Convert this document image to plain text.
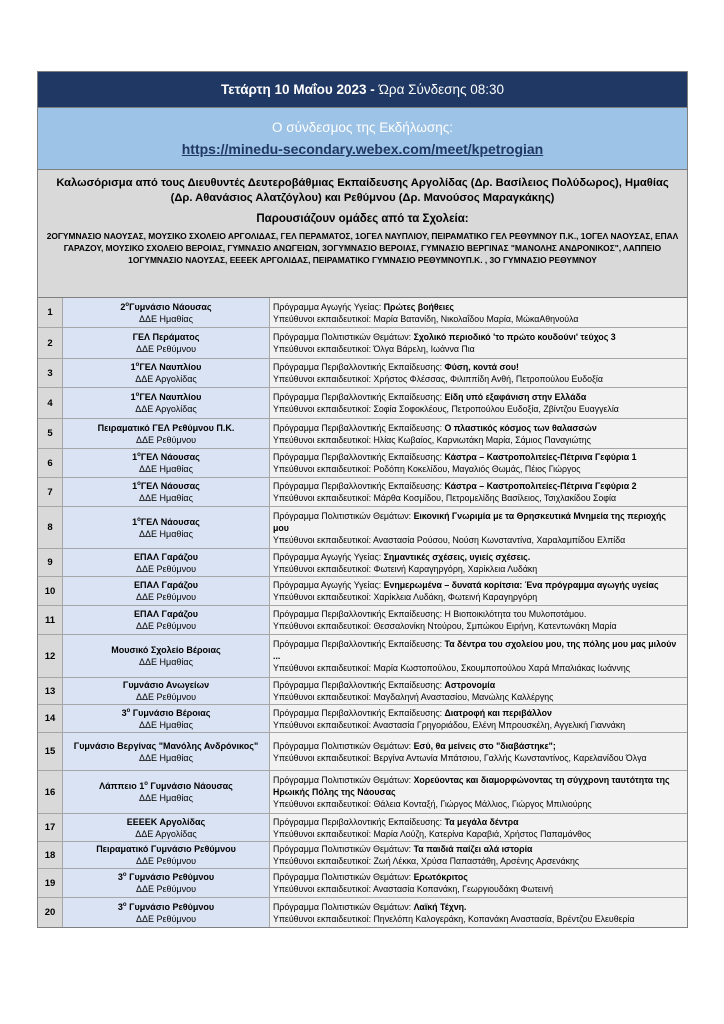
Τετάρτη 10 Μαΐου 2023 - Ώρα Σύνδεσης 08:30
Ο σύνδεσμος της Εκδήλωσης:
https://minedu-secondary.webex.com/meet/kpetrogian
Καλωσόρισμα από τους Διευθυντές Δευτεροβάθμιας Εκπαίδευσης Αργολίδας (Δρ. Βασίλειος Πολύδωρος), Ημαθίας (Δρ. Αθανάσιος Αλατζόγλου) και Ρεθύμνου (Δρ. Μανούσος Μαραγκάκης)
Παρουσιάζουν ομάδες από τα Σχολεία:
2ΟΓΥΜΝΑΣΙΟ ΝΑΟΥΣΑΣ, ΜΟΥΣΙΚΟ ΣΧΟΛΕΙΟ ΑΡΓΟΛΙΔΑΣ, ΓΕΛ ΠΕΡΑΜΑΤΟΣ, 1ΟΓΕΛ ΝΑΥΠΛΙΟΥ, ΠΕΙΡΑΜΑΤΙΚΟ ΓΕΛ ΡΕΘΥΜΝΟΥ Π.Κ., 1ΟΓΕΛ ΝΑΟΥΣΑΣ, ΕΠΑΛ ΓΑΡΑΖΟΥ, ΜΟΥΣΙΚΟ ΣΧΟΛΕΙΟ ΒΕΡΟΙΑΣ, ΓΥΜΝΑΣΙΟ ΑΝΩΓΕΙΩΝ, 3ΟΓΥΜΝΑΣΙΟ ΒΕΡΟΙΑΣ, ΓΥΜΝΑΣΙΟ ΒΕΡΓΙΝΑΣ "ΜΑΝΟΛΗΣ ΑΝΔΡΟΝΙΚΟΣ", ΛΑΠΠΕΙΟ 1ΟΓΥΜΝΑΣΙΟ ΝΑΟΥΣΑΣ, ΕΕΕΕΚ ΑΡΓΟΛΙΔΑΣ, ΠΕΙΡΑΜΑΤΙΚΟ ΓΥΜΝΑΣΙΟ ΡΕΘΥΜΝΟΥΠ.Κ. , 3Ο ΓΥΜΝΑΣΙΟ ΡΕΘΥΜΝΟΥ
1
$2^o\Gamma\upsilon\mu\nu ά\sigma\iota o$ Νάουσας
ΔΔΕ Ημαθίας
Πρόγραμμα Αγωγής Υγείας: Πρώτες βοήθειες
Υπεύθυνοι εκπαιδευτικοί: Μαρία Βατανίδη, Νικολαΐδου Μαρία, ΜώκαΑθηνούλα
2
ΓΕΛ Περάματος
ΔΔΕ Ρεθύμνου
Πρόγραμμα Πολιτιστικών Θεμάτων: Σχολικό περιοδικό 'το πρώτο κουδούνι' τεύχος 3
Υπεύθυνοι εκπαιδευτικοί: Όλγα Βάρελη, Ιωάννα Πια
3
$1^o\Gamma E\Lambda$ Ναυπλίου
ΔΔΕ Αργολίδας
Πρόγραμμα Περιβαλλοντικής Εκπαίδευσης: Φύση, κοντά σου!
Υπεύθυνοι εκπαιδευτικοί: Χρήστος Φλέσσας, Φιλιππίδη Ανθή, Πετροπούλου Ευδοξία
4
$1^o\Gamma E\Lambda$ Ναυπλίου
ΔΔΕ Αργολίδας
Πρόγραμμα Περιβαλλοντικής Εκπαίδευσης: Είδη υπό εξαφάνιση στην Ελλάδα
Υπεύθυνοι εκπαιδευτικοί: Σοφία Σοφοκλέους, Πετροπούλου Ευδοξία, Ζβίντζου Ευαγγελία
5
Πειραματικό ΓΕΛ Ρεθύμνου Π.Κ.
ΔΔΕ Ρεθύμνου
Πρόγραμμα Περιβαλλοντικής Εκπαίδευσης: Ο πλαστικός κόσμος των θαλασσών
Υπεύθυνοι εκπαιδευτικοί: Ηλίας Κωβαίος, Καρνιωτάκη Μαρία, Σάμιος Παναγιώτης
6
$1^o\Gamma E\Lambda$ Νάουσας
ΔΔΕ Ημαθίας
Πρόγραμμα Περιβαλλοντικής Εκπαίδευσης: Κάστρα – Καστροπολιτείες-Πέτρινα Γεφύρια 1
Υπεύθυνοι εκπαιδευτικοί: Ροδόπη Κοκελίδου, Μαγαλιός Θωμάς, Πέιος Γιώργος
7
$1^o\Gamma E\Lambda$ Νάουσας
ΔΔΕ Ημαθίας
Πρόγραμμα Περιβαλλοντικής Εκπαίδευσης: Κάστρα – Καστροπολιτείες-Πέτρινα Γεφύρια 2
Υπεύθυνοι εκπαιδευτικοί: Μάρθα Κοσμίδου, Πετρομελίδης Βασίλειος, Τσιχλακίδου Σοφία
8
$1^o\Gamma E\Lambda$ Νάουσας
ΔΔΕ Ημαθίας
Πρόγραμμα Πολιτιστικών Θεμάτων: Εικονική Γνωριμία με τα Θρησκευτικά Μνημεία της περιοχής μου
Υπεύθυνοι εκπαιδευτικοί: Αναστασία Ρούσου, Νούση Κωνσταντίνα, Χαραλαμπίδου Ελπίδα
9
ΕΠΑΛ Γαράζου
ΔΔΕ Ρεθύμνου
Πρόγραμμα Αγωγής Υγείας: Σημαντικές σχέσεις, υγιείς σχέσεις.
Υπεύθυνοι εκπαιδευτικοί: Φωτεινή Καραγηργόρη, Χαρίκλεια Λυδάκη
10
ΕΠΑΛ Γαράζου
ΔΔΕ Ρεθύμνου
Πρόγραμμα Αγωγής Υγείας: Ενημερωμένα – δυνατά κορίτσια: Ένα πρόγραμμα αγωγής υγείας
Υπεύθυνοι εκπαιδευτικοί: Χαρίκλεια Λυδάκη, Φωτεινή Καραγηργόρη
11
ΕΠΑΛ Γαράζου
ΔΔΕ Ρεθύμνου
Πρόγραμμα Περιβαλλοντικής Εκπαίδευσης: Η Βιοποικιλότητα του Μυλοποτάμου.
Υπεύθυνοι εκπαιδευτικοί: Θεσσαλονίκη Ντούρου, Σμπώκου Ειρήνη, Κατεντωνάκη Μαρία
12
Μουσικό Σχολείο Βέροιας
ΔΔΕ Ημαθίας
Πρόγραμμα Περιβαλλοντικής Εκπαίδευσης: Τα δέντρα του σχολείου μου, της πόλης μου μας μιλούν ...
Υπεύθυνοι εκπαιδευτικοί: Μαρία Κωστοπούλου, Σκουμποπούλου Χαρά Μπαλιάκας Ιωάννης
13
Γυμνάσιο Ανωγείων
ΔΔΕ Ρεθύμνου
Πρόγραμμα Περιβαλλοντικής Εκπαίδευσης: Αστρονομία
Υπεύθυνοι εκπαιδευτικοί: Μαγδαληνή Αναστασίου, Μανώλης Καλλέργης
14
$3^o$ Γυμνάσιο Βέροιας
ΔΔΕ Ημαθίας
Πρόγραμμα Περιβαλλοντικής Εκπαίδευσης: Διατροφή και περιβάλλον
Υπεύθυνοι εκπαιδευτικοί: Αναστασία Γρηγοριάδου, Ελένη Μπρουσκέλη, Αγγελική Γιαννάκη
15
Γυμνάσιο Βεργίνας "Μανόλης Ανδρόνικος"
ΔΔΕ Ημαθίας
Πρόγραμμα Πολιτιστικών Θεμάτων: Εσύ, θα μείνεις στο "διαβάστηκε";
Υπεύθυνοι εκπαιδευτικοί: Βεργίνα Αντωνία Μπάτσιου, Γαλλής Κωνσταντίνος, Καρελανίδου Όλγα
16
Λάππειο $1^o$ Γυμνάσιο Νάουσας
ΔΔΕ Ημαθίας
Πρόγραμμα Πολιτιστικών Θεμάτων: Χορεύοντας και διαμορφώνοντας τη σύγχρονη ταυτότητα της Ηρωικής Πόλης της Νάουσας
Υπεύθυνοι εκπαιδευτικοί: Θάλεια Κονταξή, Γιώργος Μάλλιος, Γιώργος Μπιλιούρης
17
ΕΕΕΕΚ Αργολίδας
ΔΔΕ Αργολίδας
Πρόγραμμα Περιβαλλοντικής Εκπαίδευσης: Τα μεγάλα δέντρα
Υπεύθυνοι εκπαιδευτικοί: Μαρία Λούζη, Κατερίνα Καραβιά, Χρήστος Παπαμάνθος
18
Πειραματικό Γυμνάσιο Ρεθύμνου
ΔΔΕ Ρεθύμνου
Πρόγραμμα Πολιτιστικών Θεμάτων: Τα παιδιά παίζει αλά ιστορία
Υπεύθυνοι εκπαιδευτικοί: Ζωή Λέκκα, Χρύσα Παπαστάθη, Αρσένης Αρσενάκης
19
$3^o$ Γυμνάσιο Ρεθύμνου
ΔΔΕ Ρεθύμνου
Πρόγραμμα Πολιτιστικών Θεμάτων: Ερωτόκριτος
Υπεύθυνοι εκπαιδευτικοί: Αναστασία Κοπανάκη, Γεωργιουδάκη Φωτεινή
20
$3^o$ Γυμνάσιο Ρεθύμνου
ΔΔΕ Ρεθύμνου
Πρόγραμμα Πολιτιστικών Θεμάτων: Λαϊκή Τέχνη.
Υπεύθυνοι εκπαιδευτικοί: Πηνελόπη Καλογεράκη, Κοπανάκη Αναστασία, Βρέντζου Ελευθερία
